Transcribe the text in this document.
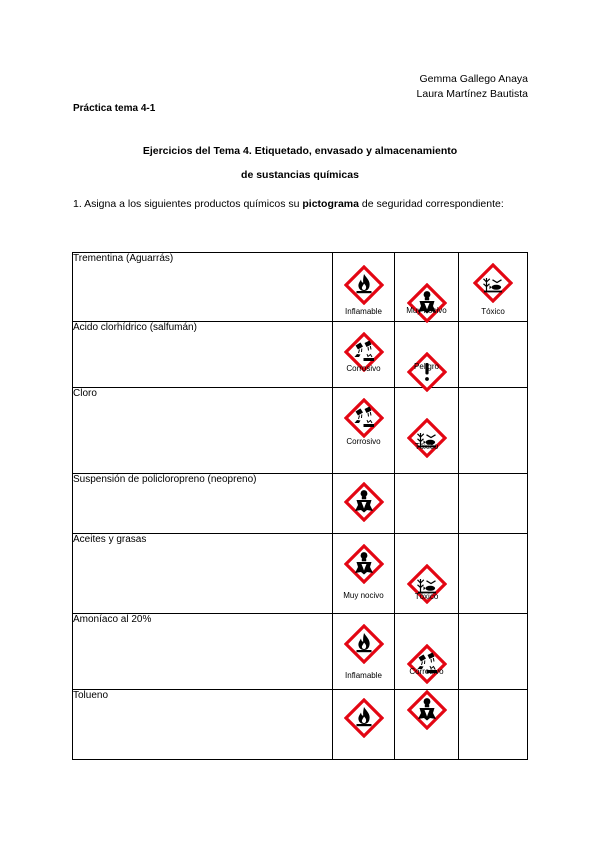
Gemma Gallego Anaya
Laura Martínez Bautista
Práctica tema 4-1
Ejercicios del Tema 4. Etiquetado, envasado y almacenamiento
de sustancias químicas
1. Asigna a los siguientes productos químicos su pictograma de seguridad correspondiente:
Trementina (Aguarrás)	Inflamable	Muy nocivo	Tóxico

Ácido clorhídrico (salfumán)	Corrosivo	Peligro	

Cloro	Corrosivo	Tóxico	

Suspensión de policloropreno (neopreno)	

Aceites y grasas	Muy nocivo	Tóxico	

Amoníaco al 20%	Inflamable	Corrosivo	

Tolueno	
